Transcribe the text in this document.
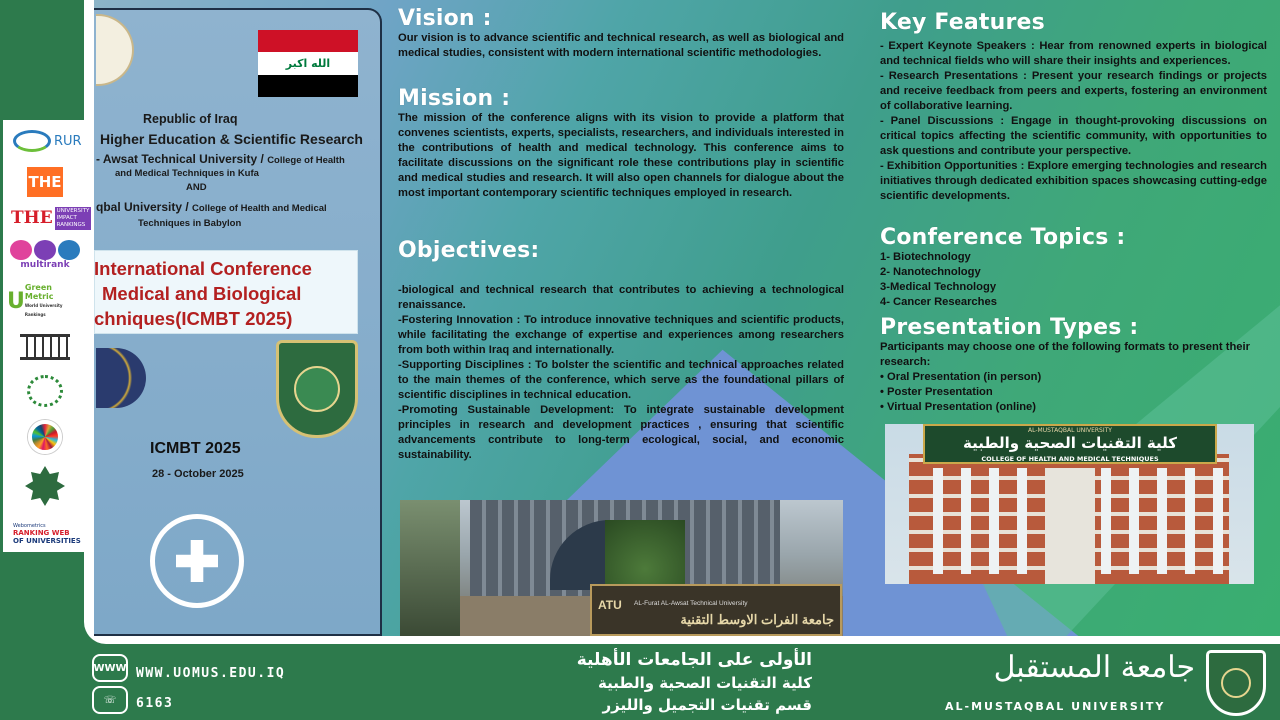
الله اكبر
Republic of Iraq
Higher Education & Scientific Research
- Awsat Technical University / College of Health
and Medical Techniques in Kufa
AND
qbal University / College of Health and Medical
Techniques in Babylon
International Conference
Medical and Biological
chniques(ICMBT 2025)
ICMBT 2025
28 - October 2025
RUR
THE
THE UNIVERSITY
IMPACT
RANKINGS
multirank
U
Green
Metric
World University Rankings
Webometrics
RANKING WEB
OF UNIVERSITIES
Vision :
Our vision is to advance scientific and technical research, as well as biological and medical studies, consistent with modern international scientific methodologies.
Mission :
The mission of the conference aligns with its vision to provide a platform that convenes scientists, experts, specialists, researchers, and individuals interested in the contributions of health and medical technology. This conference aims to facilitate discussions on the significant role these contributions play in scientific and medical studies and research. It will also open channels for dialogue about the most important contemporary scientific techniques employed in research.
Objectives:
-biological and technical research that contributes to achieving a technological renaissance.
-Fostering Innovation : To introduce innovative techniques and scientific products, while facilitating the exchange of expertise and experiences among researchers from both within Iraq and internationally.
-Supporting Disciplines : To bolster the scientific and technical approaches related to the main themes of the conference, which serve as the foundational pillars of scientific disciplines in technical education.
-Promoting Sustainable Development: To integrate sustainable development principles in research and development practices , ensuring that scientific advancements contribute to long-term ecological, social, and economic sustainability.
ATU AL-Furat AL-Awsat Technical University
جامعة الفرات الاوسط التقنية
Key Features
- Expert Keynote Speakers : Hear from renowned experts in biological and technical fields who will share their insights and experiences.
- Research Presentations : Present your research findings or projects and receive feedback from peers and experts, fostering an environment of collaborative learning.
- Panel Discussions : Engage in thought-provoking discussions on critical topics affecting the scientific community, with opportunities to ask questions and contribute your perspective.
- Exhibition Opportunities : Explore emerging technologies and research initiatives through dedicated exhibition spaces showcasing cutting-edge scientific developments.
Conference Topics :
1- Biotechnology
2- Nanotechnology
3-Medical Technology
4- Cancer Researches
Presentation Types :
Participants may choose one of the following formats to present their research:
• Oral Presentation (in person)
• Poster Presentation
• Virtual Presentation (online)
AL-MUSTAQBAL UNIVERSITY
كلية التقنيات الصحية والطبية
COLLEGE OF HEALTH AND MEDICAL TECHNIQUES
WWW WWW.UOMUS.EDU.IQ
☏	6163
الأولى على الجامعات الأهلية
كلية التقنيات الصحية والطبية
قسم تقنيات التجميل والليزر
جامعة المستقبل
AL-MUSTAQBAL UNIVERSITY
